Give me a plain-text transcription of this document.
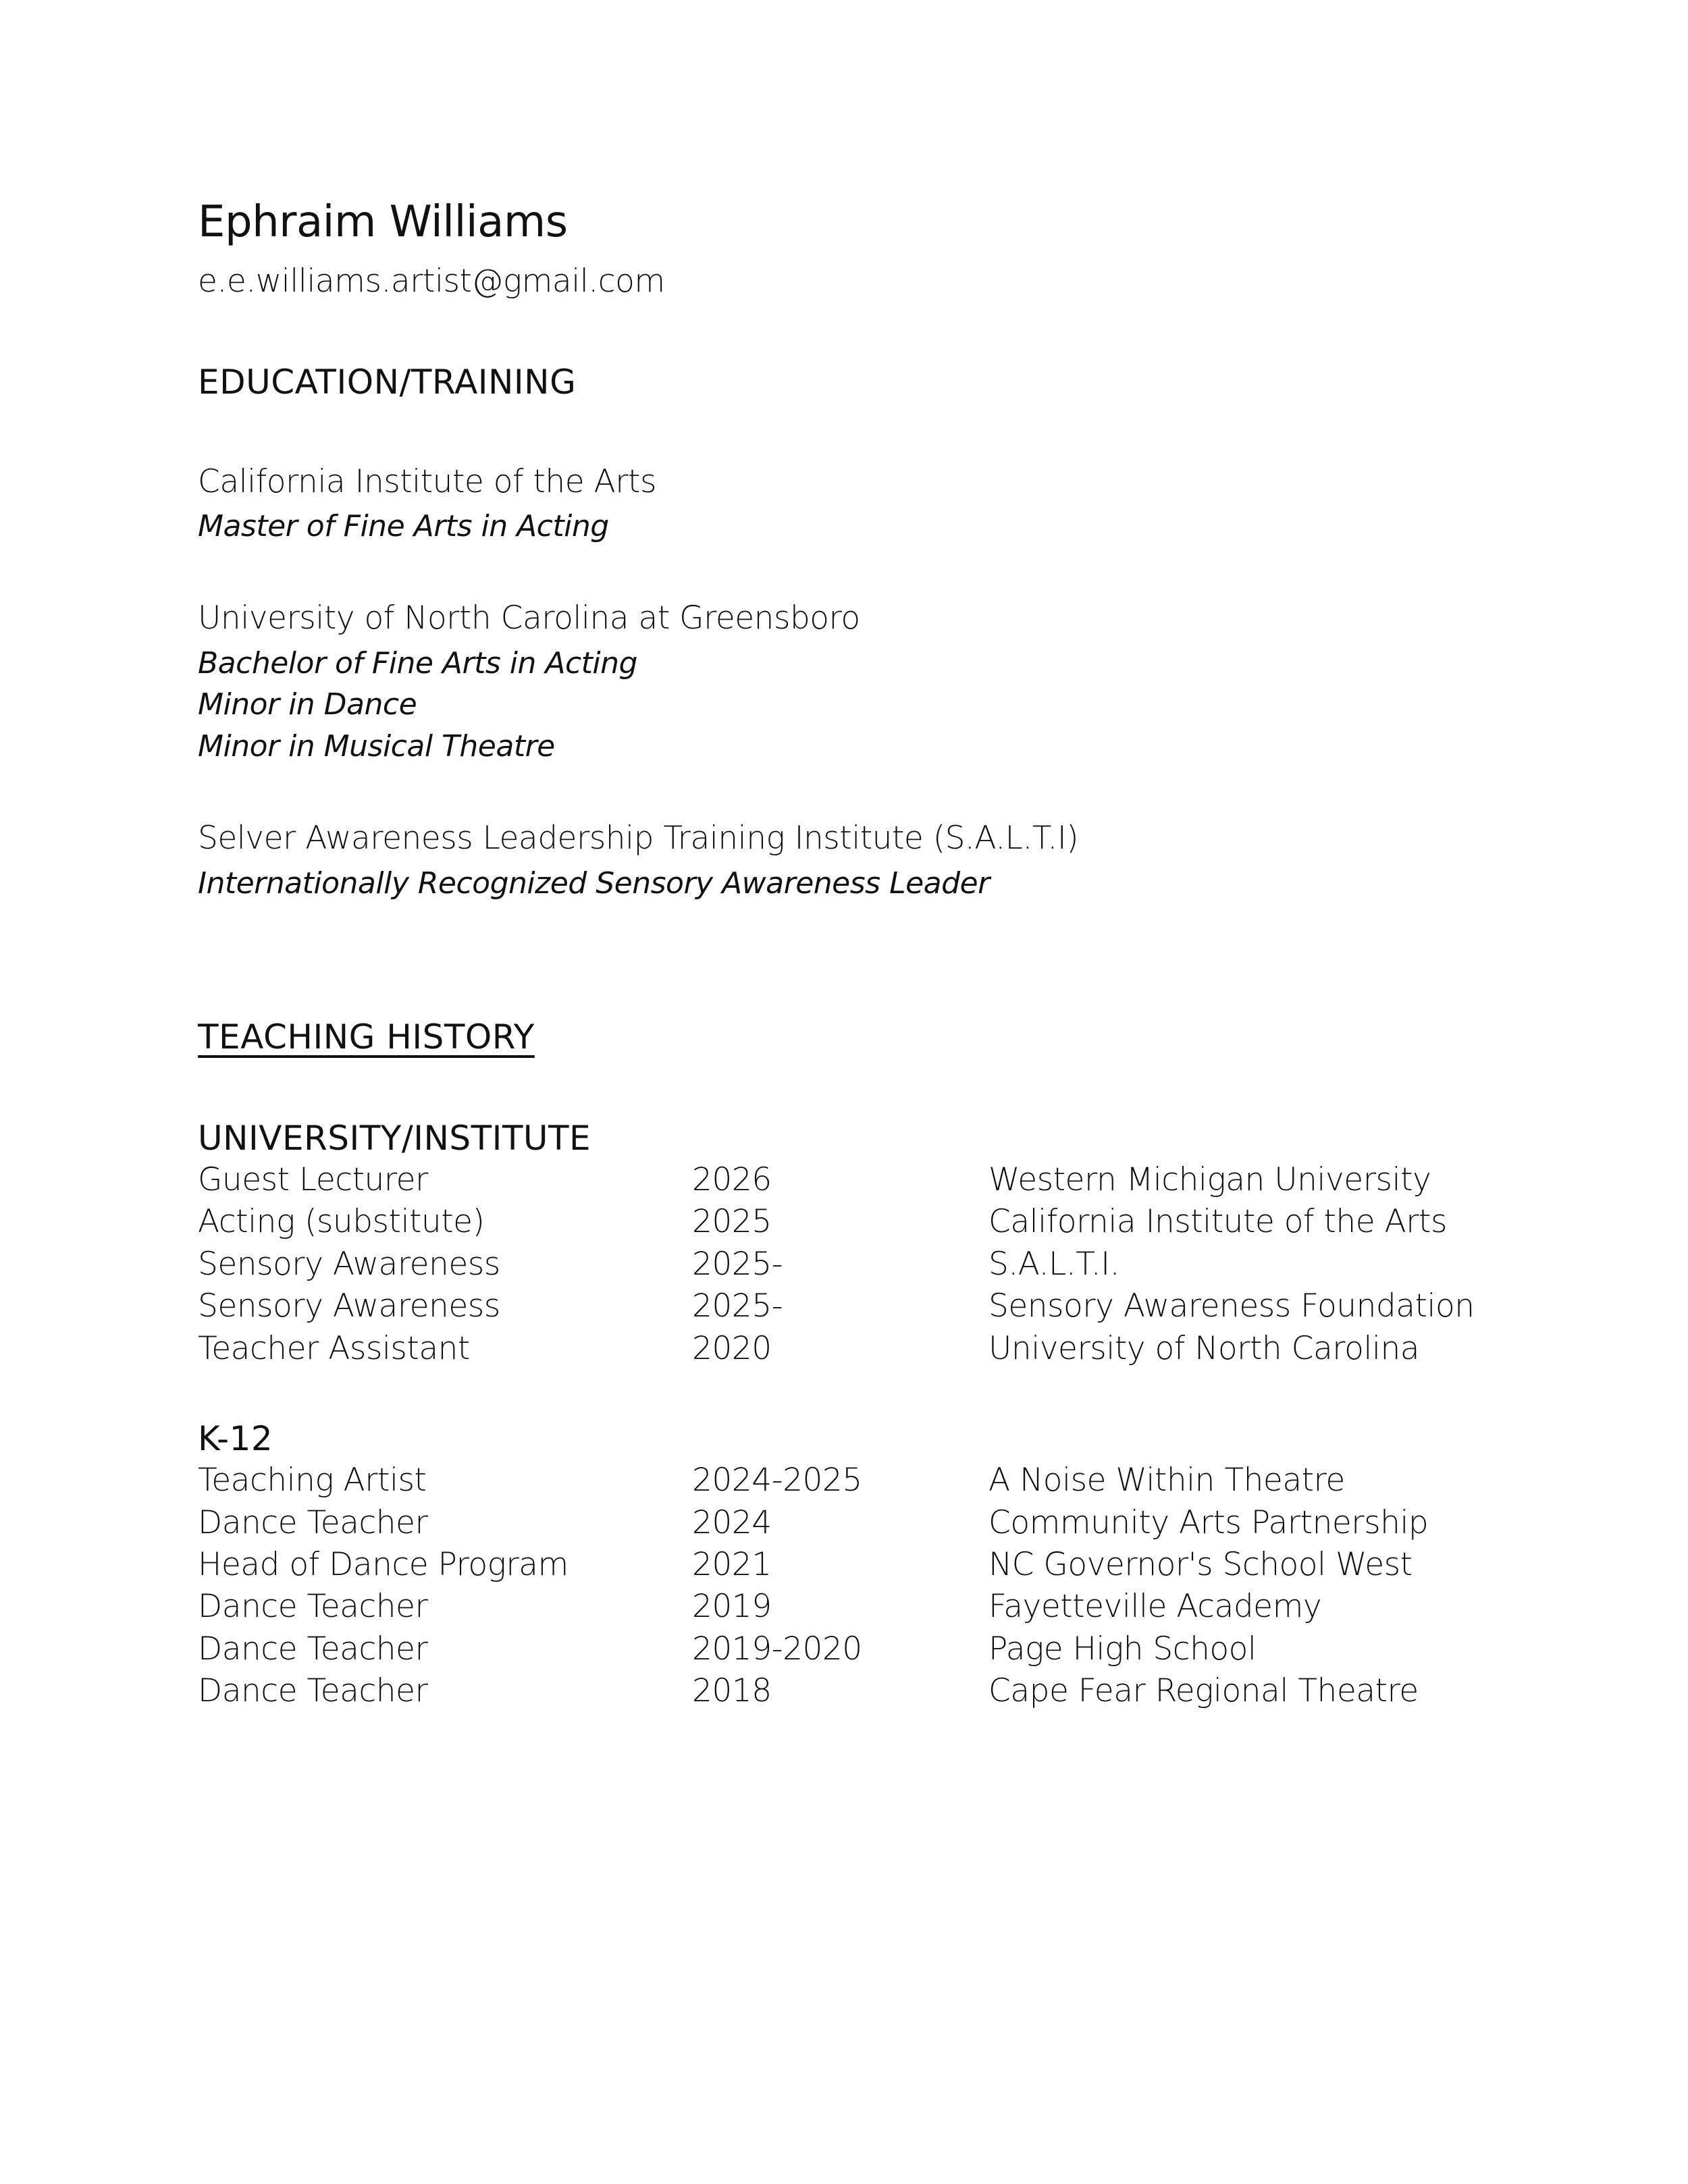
Ephraim Williams
e.e.williams.artist@gmail.com
EDUCATION/TRAINING
California Institute of the Arts
Master of Fine Arts in Acting
University of North Carolina at Greensboro
Bachelor of Fine Arts in Acting
Minor in Dance
Minor in Musical Theatre
Selver Awareness Leadership Training Institute (S.A.L.T.I)
Internationally Recognized Sensory Awareness Leader
TEACHING HISTORY
UNIVERSITY/INSTITUTE
Guest Lecturer	2026	Western Michigan University
Acting (substitute)	2025	California Institute of the Arts
Sensory Awareness	2025-	S.A.L.T.I.
Sensory Awareness	2025-	Sensory Awareness Foundation
Teacher Assistant	2020	University of North Carolina
K-12
Teaching Artist	2024-2025	A Noise Within Theatre
Dance Teacher	2024	Community Arts Partnership
Head of Dance Program	2021	NC Governor's School West
Dance Teacher	2019	Fayetteville Academy
Dance Teacher	2019-2020	Page High School
Dance Teacher	2018	Cape Fear Regional Theatre
